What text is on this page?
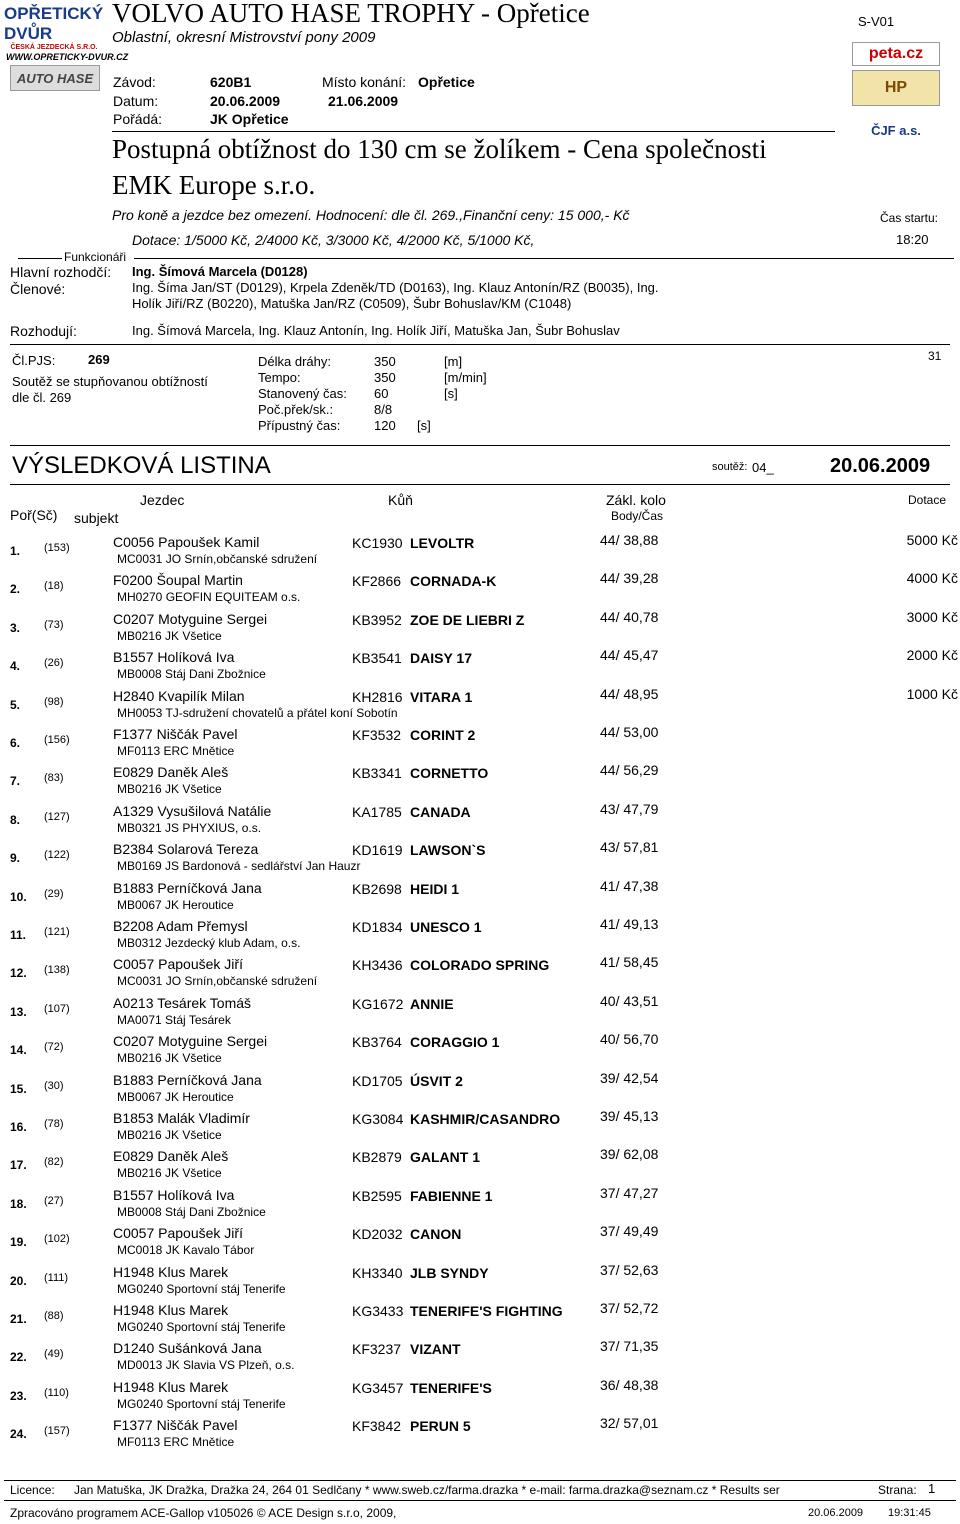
OPŘETICKÝ DVŮR
ČESKÁ JEZDECKÁ S.R.O.
WWW.OPRETICKY-DVUR.CZ
AUTO HASE
VOLVO AUTO HASE TROPHY - Opřetice
Oblastní, okresní Mistrovství pony 2009
S-V01
peta.cz
HP
ČJF a.s.
Závod:	620B1	Místo konání: Opřetice
Datum:	20.06.2009	21.06.2009
Pořádá:	JK Opřetice
Postupná obtížnost do 130 cm se žolíkem - Cena společnosti
EMK Europe s.r.o.
Pro koně a jezdce bez omezení. Hodnocení: dle čl. 269.,Finanční ceny: 15 000,- Kč
Dotace: 1/5000 Kč, 2/4000 Kč, 3/3000 Kč, 4/2000 Kč, 5/1000 Kč,
Čas startu:
18:20
Funkcionáři
Hlavní rozhodčí: Ing. Šímová Marcela (D0128)
Členové:	Ing. Šíma Jan/ST (D0129), Krpela Zdeněk/TD (D0163), Ing. Klauz Antonín/RZ (B0035), Ing.
Holík Jiří/RZ (B0220), Matuška Jan/RZ (C0509), Šubr Bohuslav/KM (C1048)
Rozhodují:	Ing. Šímová Marcela, Ing. Klauz Antonín, Ing. Holík Jiří, Matuška Jan, Šubr Bohuslav
Čl.PJS:	269
Soutěž se stupňovanou obtížností
dle čl. 269
Délka dráhy:	350	[m]
Tempo:	350	[m/min]
Stanovený čas: 60	[s]
Poč.přek/sk.:	8/8
Přípustný čas:	120 [s]
31
VÝSLEDKOVÁ LISTINA	soutěž: 04_	20.06.2009
Jezdec	Kůň	Zákl. kolo	Dotace
Poř(Sč) subjekt	Body/Čas
1. (153)	C0056 Papoušek Kamil
MC0031 JO Srnín,občanské sdružení
KC1930 LEVOLTR	44/ 38,88	5000 Kč
2. (18)	F0200 Šoupal Martin
MH0270 GEOFIN EQUITEAM o.s.
KF2866 CORNADA-K	44/ 39,28	4000 Kč
3. (73)	C0207 Motyguine Sergei
MB0216 JK Všetice
KB3952 ZOE DE LIEBRI Z	44/ 40,78	3000 Kč
4. (26)	B1557 Holíková Iva
MB0008 Stáj Dani Zbožnice
KB3541 DAISY 17	44/ 45,47	2000 Kč
5. (98)	H2840 Kvapilík Milan
MH0053 TJ-sdružení chovatelů a přátel koní Sobotín
KH2816 VITARA 1	44/ 48,95	1000 Kč
6. (156)	F1377 Niščák Pavel
MF0113 ERC Mnětice
KF3532 CORINT 2	44/ 53,00
7. (83)	E0829 Daněk Aleš
MB0216 JK Všetice
KB3341 CORNETTO	44/ 56,29
8. (127)	A1329 Vysušilová Natálie
MB0321 JS PHYXIUS, o.s.
KA1785 CANADA	43/ 47,79
9. (122)	B2384 Solarová Tereza
MB0169 JS Bardonová - sedlářství Jan Hauzr
KD1619 LAWSON`S	43/ 57,81
10. (29)	B1883 Perníčková Jana
MB0067 JK Heroutice
KB2698 HEIDI 1	41/ 47,38
11. (121)	B2208 Adam Přemysl
MB0312 Jezdecký klub Adam, o.s.
KD1834 UNESCO 1	41/ 49,13
12. (138)	C0057 Papoušek Jiří
MC0031 JO Srnín,občanské sdružení
KH3436 COLORADO SPRING	41/ 58,45
13. (107)	A0213 Tesárek Tomáš
MA0071 Stáj Tesárek
KG1672 ANNIE	40/ 43,51
14. (72)	C0207 Motyguine Sergei
MB0216 JK Všetice
KB3764 CORAGGIO 1	40/ 56,70
15. (30)	B1883 Perníčková Jana
MB0067 JK Heroutice
KD1705 ÚSVIT 2	39/ 42,54
16. (78)	B1853 Malák Vladimír
MB0216 JK Všetice
KG3084 KASHMIR/CASANDRO	39/ 45,13
17. (82)	E0829 Daněk Aleš
MB0216 JK Všetice
KB2879 GALANT 1	39/ 62,08
18. (27)	B1557 Holíková Iva
MB0008 Stáj Dani Zbožnice
KB2595 FABIENNE 1	37/ 47,27
19. (102)	C0057 Papoušek Jiří
MC0018 JK Kavalo Tábor
KD2032 CANON	37/ 49,49
20. (111)	H1948 Klus Marek
MG0240 Sportovní stáj Tenerife
KH3340 JLB SYNDY	37/ 52,63
21. (88)	H1948 Klus Marek
MG0240 Sportovní stáj Tenerife
KG3433 TENERIFE'S FIGHTING	37/ 52,72
22. (49)	D1240 Sušánková Jana
MD0013 JK Slavia VS Plzeň, o.s.
KF3237 VIZANT	37/ 71,35
23. (110)	H1948 Klus Marek
MG0240 Sportovní stáj Tenerife
KG3457 TENERIFE'S	36/ 48,38
24. (157)	F1377 Niščák Pavel
MF0113 ERC Mnětice
KF3842 PERUN 5	32/ 57,01
Licence: Jan Matuška, JK Dražka, Dražka 24, 264 01 Sedlčany * www.sweb.cz/farma.drazka * e-mail: farma.drazka@seznam.cz * Results ser	Strana: 1
Zpracováno programem ACE-Gallop v105026 © ACE Design s.r.o, 2009,	20.06.2009 19:31:45
